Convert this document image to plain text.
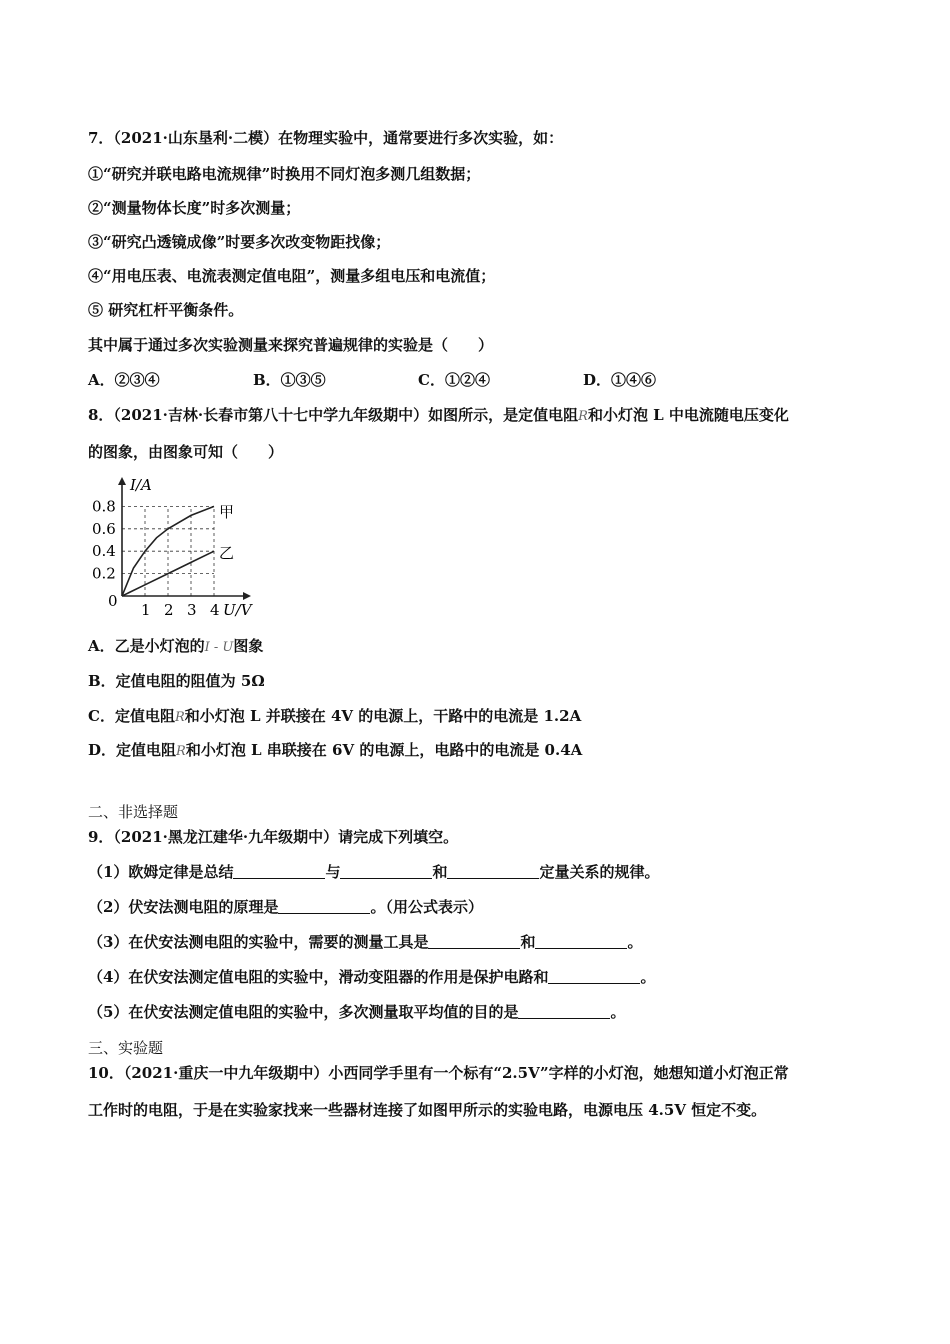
7．（2021·山东垦利·二模）在物理实验中，通常要进行多次实验，如：
①“研究并联电路电流规律”时换用不同灯泡多测几组数据；
②“测量物体长度”时多次测量；
③“研究凸透镜成像”时要多次改变物距找像；
④“用电压表、电流表测定值电阻”，测量多组电压和电流值；
⑤ 研究杠杆平衡条件。
其中属于通过多次实验测量来探究普遍规律的实验是（　　）
A．②③④	B．①③⑤	C．①②④	D．①④⑥
8．（2021·吉林·长春市第八十七中学九年级期中）如图所示，是定值电阻R和小灯泡 L 中电流随电压变化
的图象，由图象可知（　　）
0.2
0.4
0.6
0.8
1 2 3 4
I/A
U/V
0
甲
乙
A．乙是小灯泡的I - U图象
B．定值电阻的阻值为 5Ω
C．定值电阻R和小灯泡 L 并联接在 4V 的电源上，干路中的电流是 1.2A
D．定值电阻R和小灯泡 L 串联接在 6V 的电源上，电路中的电流是 0.4A
二、非选择题
9．（2021·黑龙江建华·九年级期中）请完成下列填空。
（1）欧姆定律是总结	与	和	定量关系的规律。
（2）伏安法测电阻的原理是	。（用公式表示）
（3）在伏安法测电阻的实验中，需要的测量工具是	和	。
（4）在伏安法测定值电阻的实验中，滑动变阻器的作用是保护电路和	。
（5）在伏安法测定值电阻的实验中，多次测量取平均值的目的是	。
三、实验题
10．（2021·重庆一中九年级期中）小西同学手里有一个标有“2.5V”字样的小灯泡，她想知道小灯泡正常
工作时的电阻，于是在实验家找来一些器材连接了如图甲所示的实验电路，电源电压 4.5V 恒定不变。
